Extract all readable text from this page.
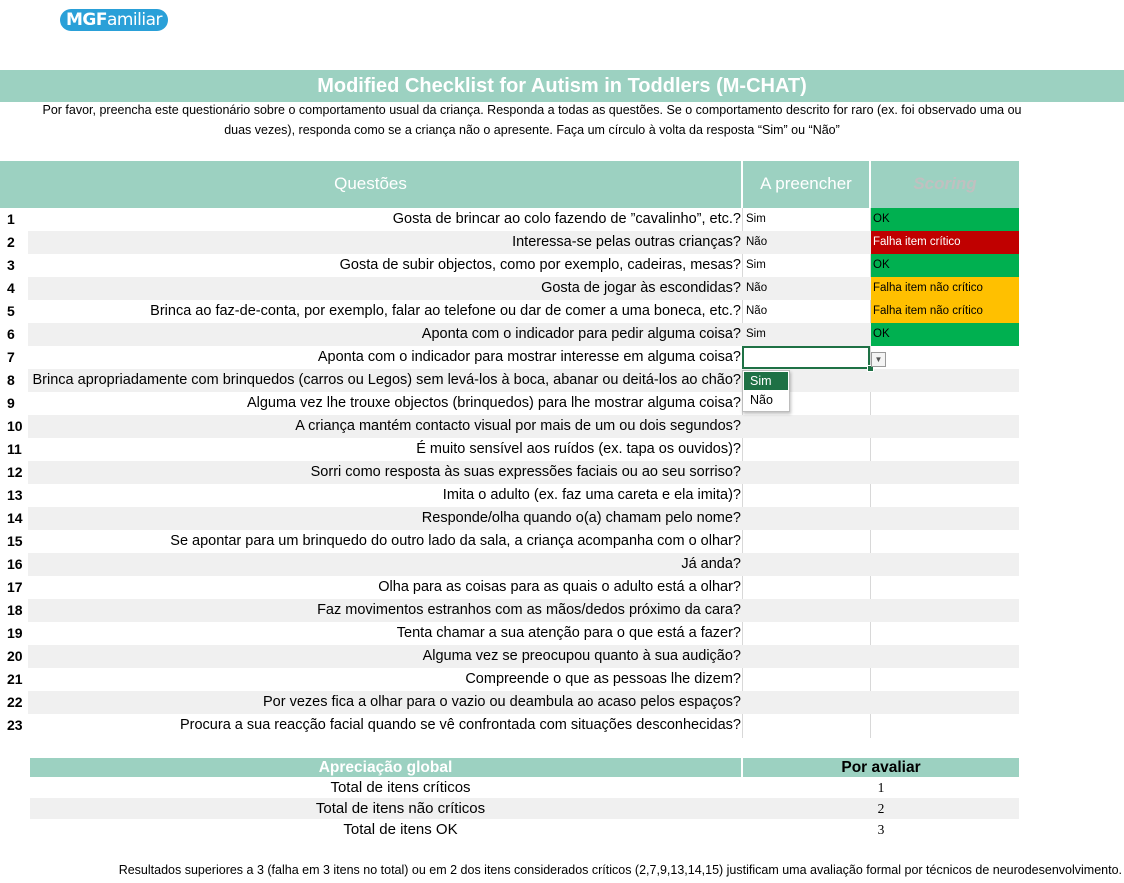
MGFamiliar
Modified Checklist for Autism in Toddlers (M-CHAT)
Por favor, preencha este questionário sobre o comportamento usual da criança. Responda a todas as questões. Se o comportamento descrito for raro (ex. foi observado uma ou duas vezes), responda como se a criança não o apresente. Faça um círculo à volta da resposta “Sim” ou “Não”
Questões	A preencher	Scoring
1	Gosta de brincar ao colo fazendo de ”cavalinho”, etc.? Sim	OK
2	Interessa-se pelas outras crianças? Não	Falha item crítico
3	Gosta de subir objectos, como por exemplo, cadeiras, mesas? Sim	OK
4	Gosta de jogar às escondidas? Não	Falha item não crítico
5	Brinca ao faz-de-conta, por exemplo, falar ao telefone ou dar de comer a uma boneca, etc.? Não	Falha item não crítico
6	Aponta com o indicador para pedir alguma coisa? Sim	OK
7	Aponta com o indicador para mostrar interesse em alguma coisa?
8	Brinca apropriadamente com brinquedos (carros ou Legos) sem levá-los à boca, abanar ou deitá-los ao chão?
9	Alguma vez lhe trouxe objectos (brinquedos) para lhe mostrar alguma coisa?
10	A criança mantém contacto visual por mais de um ou dois segundos?
11	É muito sensível aos ruídos (ex. tapa os ouvidos)?
12	Sorri como resposta às suas expressões faciais ou ao seu sorriso?
13	Imita o adulto (ex. faz uma careta e ela imita)?
14	Responde/olha quando o(a) chamam pelo nome?
15	Se apontar para um brinquedo do outro lado da sala, a criança acompanha com o olhar?
16	Já anda?
17	Olha para as coisas para as quais o adulto está a olhar?
18	Faz movimentos estranhos com as mãos/dedos próximo da cara?
19	Tenta chamar a sua atenção para o que está a fazer?
20	Alguma vez se preocupou quanto à sua audição?
21	Compreende o que as pessoas lhe dizem?
22	Por vezes fica a olhar para o vazio ou deambula ao acaso pelos espaços?
23	Procura a sua reacção facial quando se vê confrontada com situações desconhecidas?
▼
Sim
Não
Apreciação global	Por avaliar
Total de itens críticos	1
Total de itens não críticos	2
Total de itens OK	3
Resultados superiores a 3 (falha em 3 itens no total) ou em 2 dos itens considerados críticos (2,7,9,13,14,15) justificam uma avaliação formal por técnicos de neurodesenvolvimento.
